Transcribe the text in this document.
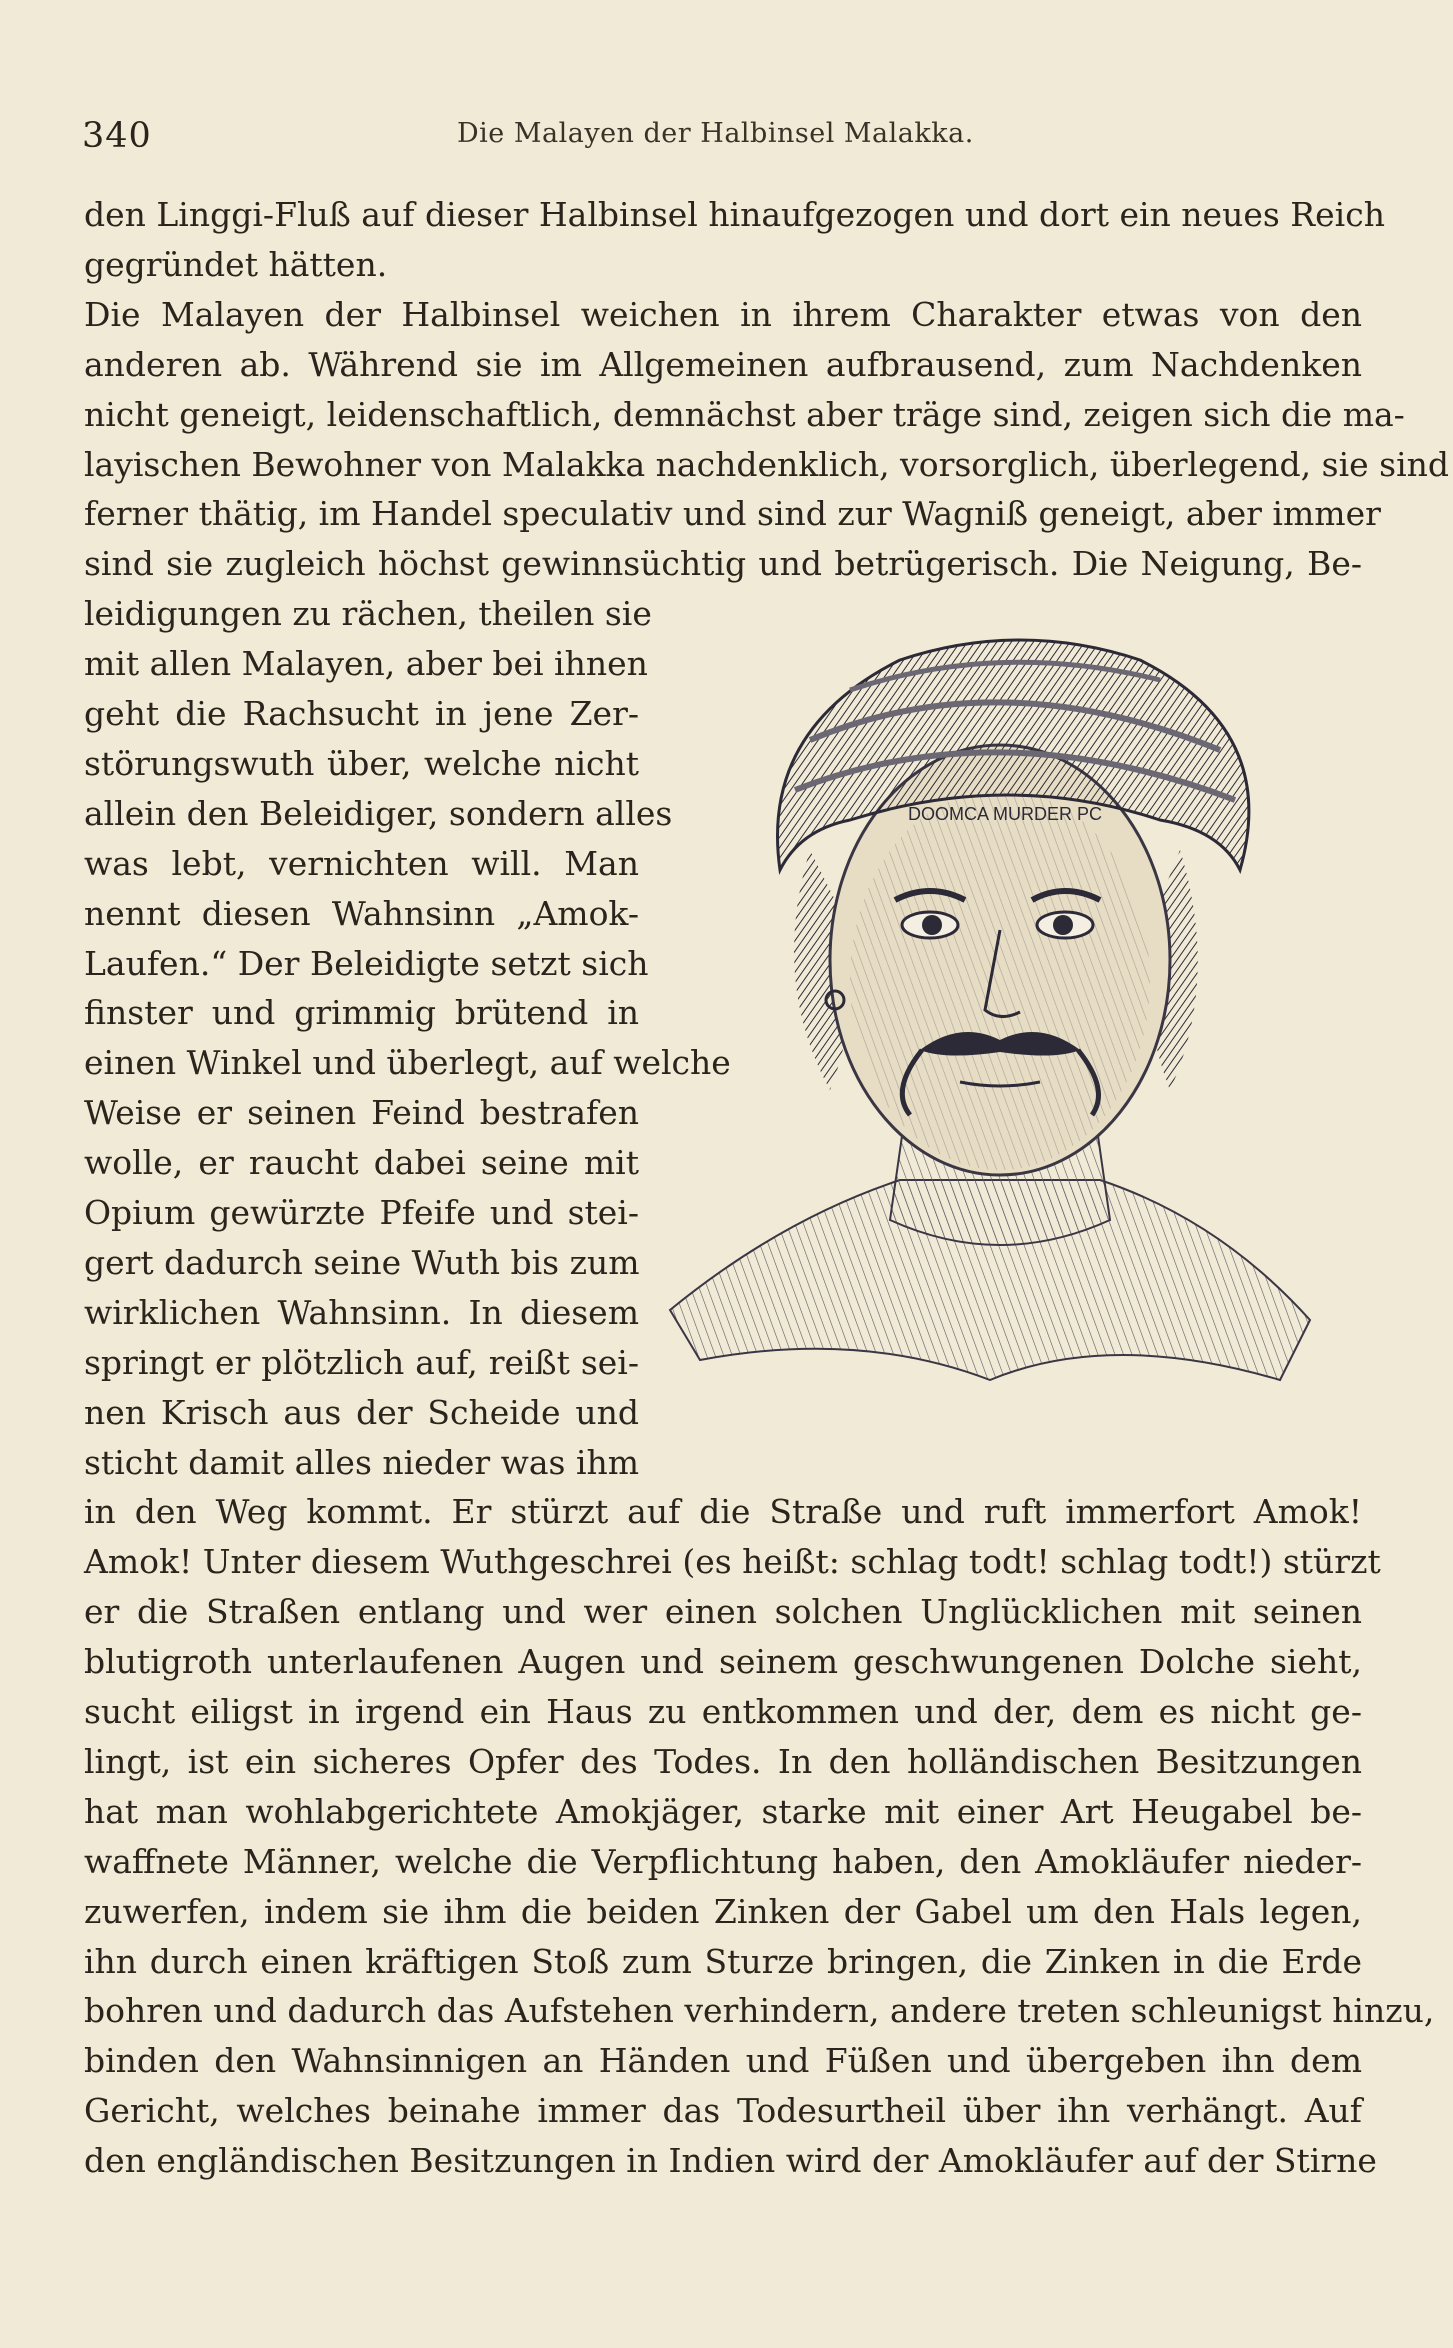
340	Die Malayen der Halbinsel Malakka.
den Linggi-Fluß auf dieser Halbinsel hinaufgezogen und dort ein neues Reich
gegründet hätten.
Die Malayen der Halbinsel weichen in ihrem Charakter etwas von den
anderen ab. Während sie im Allgemeinen aufbrausend, zum Nachdenken
nicht geneigt, leidenschaftlich, demnächst aber träge sind, zeigen sich die ma-
layischen Bewohner von Malakka nachdenklich, vorsorglich, überlegend, sie sind
ferner thätig, im Handel speculativ und sind zur Wagniß geneigt, aber immer
sind sie zugleich höchst gewinnsüchtig und betrügerisch. Die Neigung, Be-
leidigungen zu rächen, theilen sie
mit allen Malayen, aber bei ihnen
geht die Rachsucht in jene Zer-
störungswuth über, welche nicht
allein den Beleidiger, sondern alles
was lebt, vernichten will. Man
nennt diesen Wahnsinn „Amok-
Laufen.“ Der Beleidigte setzt sich
finster und grimmig brütend in
einen Winkel und überlegt, auf welche
Weise er seinen Feind bestrafen
wolle, er raucht dabei seine mit
Opium gewürzte Pfeife und stei-
gert dadurch seine Wuth bis zum
wirklichen Wahnsinn. In diesem
springt er plötzlich auf, reißt sei-
nen Krisch aus der Scheide und
sticht damit alles nieder was ihm
in den Weg kommt. Er stürzt auf die Straße und ruft immerfort Amok!
Amok! Unter diesem Wuthgeschrei (es heißt: schlag todt! schlag todt!) stürzt
er die Straßen entlang und wer einen solchen Unglücklichen mit seinen
blutigroth unterlaufenen Augen und seinem geschwungenen Dolche sieht,
sucht eiligst in irgend ein Haus zu entkommen und der, dem es nicht ge-
lingt, ist ein sicheres Opfer des Todes. In den holländischen Besitzungen
hat man wohlabgerichtete Amokjäger, starke mit einer Art Heugabel be-
waffnete Männer, welche die Verpflichtung haben, den Amokläufer nieder-
zuwerfen, indem sie ihm die beiden Zinken der Gabel um den Hals legen,
ihn durch einen kräftigen Stoß zum Sturze bringen, die Zinken in die Erde
bohren und dadurch das Aufstehen verhindern, andere treten schleunigst hinzu,
binden den Wahnsinnigen an Händen und Füßen und übergeben ihn dem
Gericht, welches beinahe immer das Todesurtheil über ihn verhängt. Auf
den engländischen Besitzungen in Indien wird der Amokläufer auf der Stirne
DOOMCA MURDER PC
